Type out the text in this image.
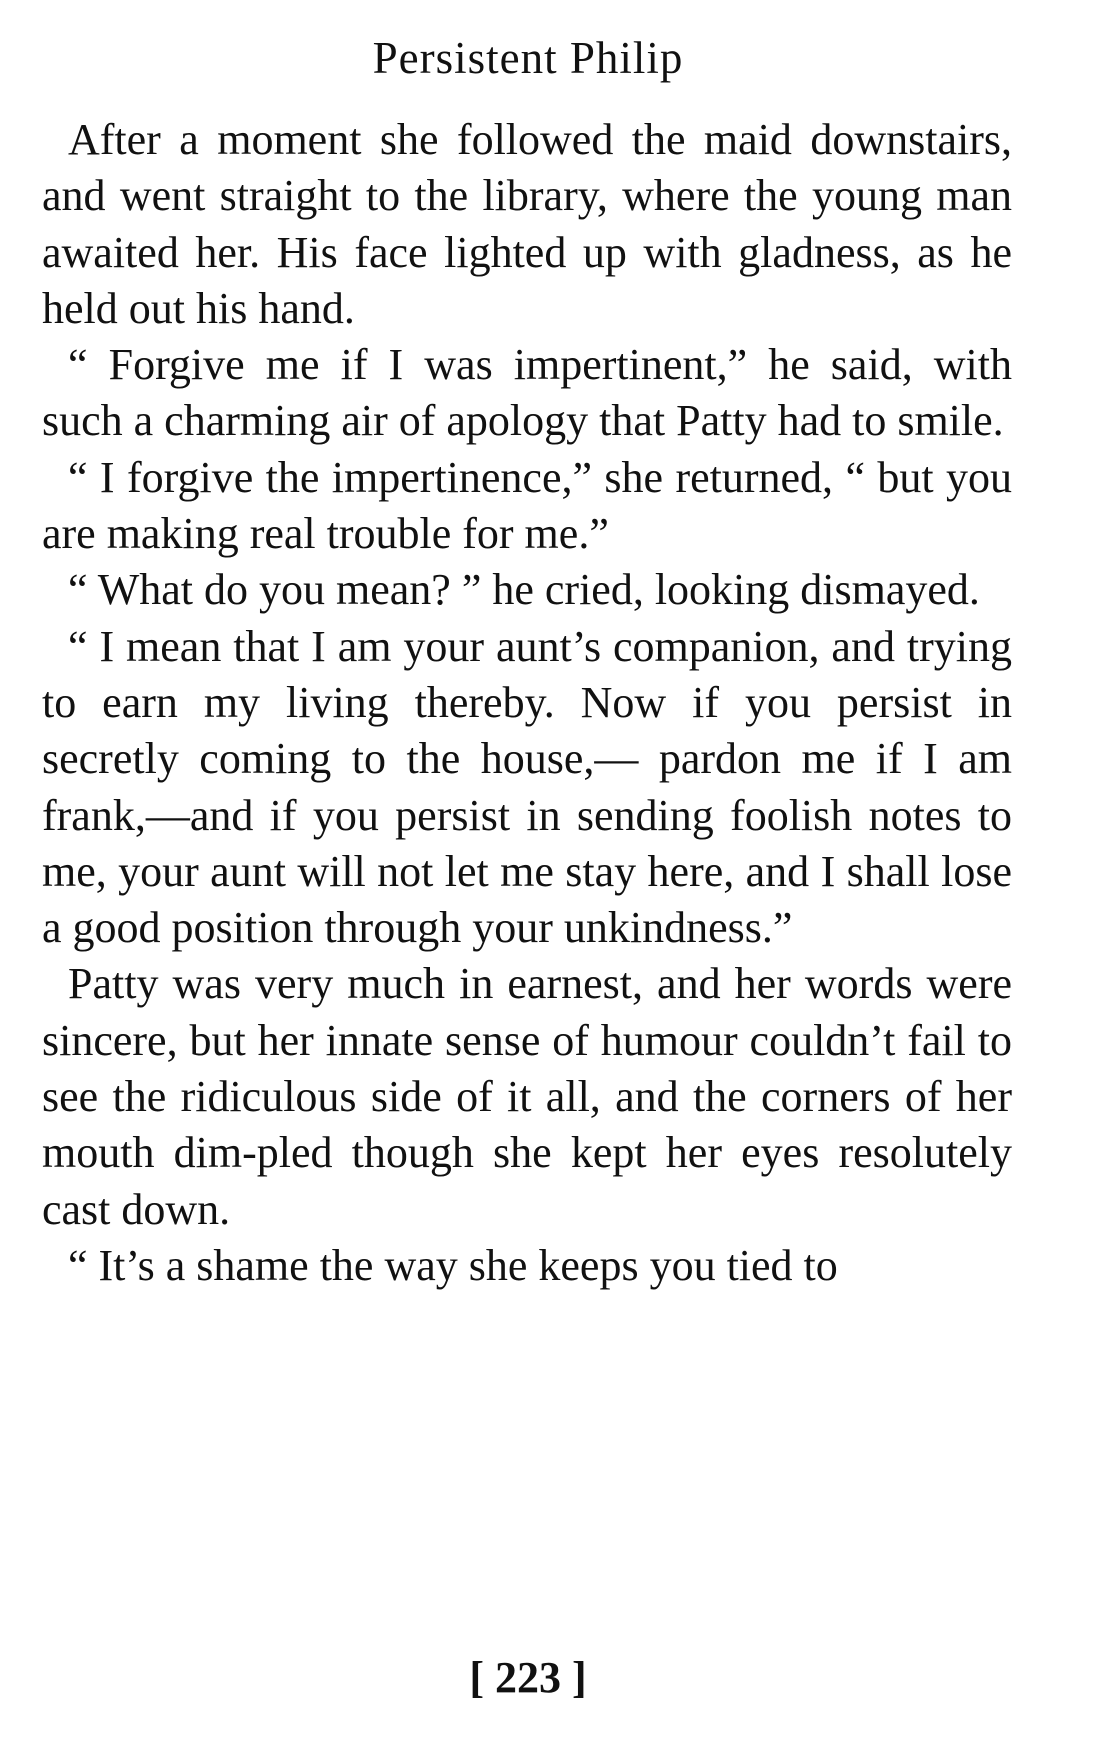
Persistent Philip

After a moment she followed the maid downstairs, and went straight to the library, where the young man awaited her. His face lighted up with gladness, as he held out his hand.

“ Forgive me if I was impertinent,” he said, with such a charming air of apology that Patty had to smile.

“ I forgive the impertinence,” she returned, “ but you are making real trouble for me.”

“ What do you mean? ” he cried, looking dismayed.

“ I mean that I am your aunt’s companion, and trying to earn my living thereby. Now if you persist in secretly coming to the house,— pardon me if I am frank,—and if you persist in sending foolish notes to me, your aunt will not let me stay here, and I shall lose a good position through your unkindness.”

Patty was very much in earnest, and her words were sincere, but her innate sense of humour couldn’t fail to see the ridiculous side of it all, and the corners of her mouth dim-pled though she kept her eyes resolutely cast down.

“ It’s a shame the way she keeps you tied to

[ 223 ]
